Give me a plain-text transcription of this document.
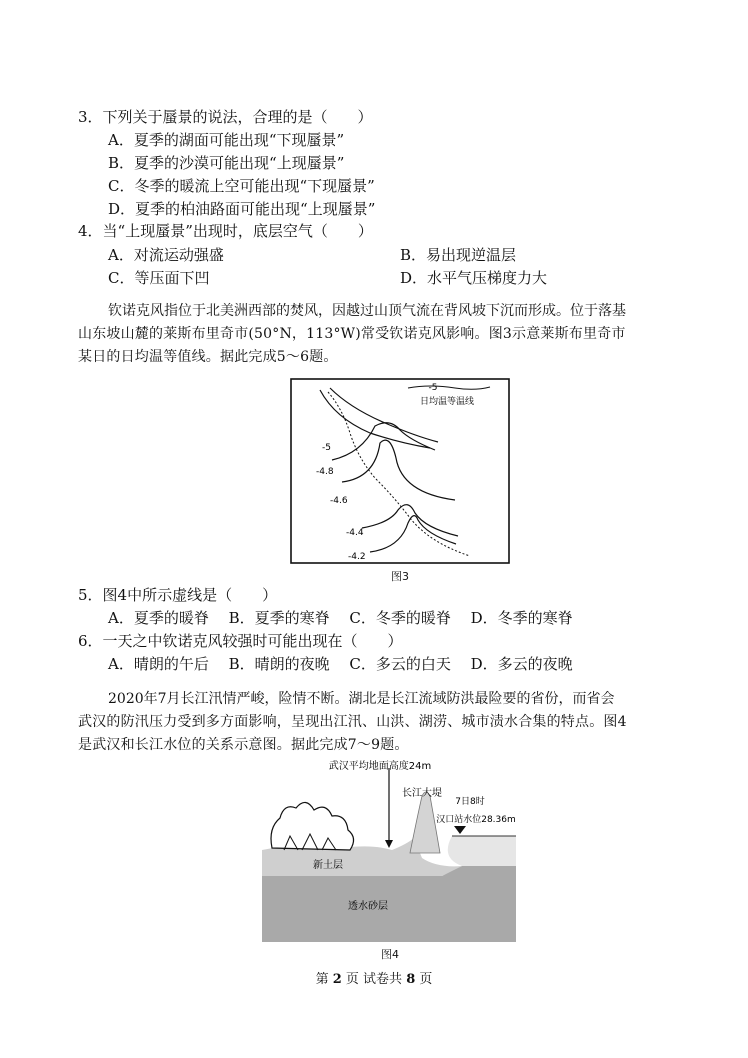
3．下列关于蜃景的说法，合理的是（　　）
A．夏季的湖面可能出现“下现蜃景”
B．夏季的沙漠可能出现“上现蜃景”
C．冬季的暖流上空可能出现“下现蜃景”
D．夏季的柏油路面可能出现“上现蜃景”
4．当“上现蜃景”出现时，底层空气（　　）
A．对流运动强盛	B．易出现逆温层
C．等压面下凹	D．水平气压梯度力大
钦诺克风指位于北美洲西部的焚风，因越过山顶气流在背风坡下沉而形成。位于落基
山东坡山麓的莱斯布里奇市(50°N，113°W)常受钦诺克风影响。图3示意莱斯布里奇市
某日的日均温等值线。据此完成5～6题。
-5
日均温等温线
-5
-4.8
-4.6
-4.4
-4.2
图3
5．图4中所示虚线是（　　）
A．夏季的暖脊　 B．夏季的寒脊　 C．冬季的暖脊　 D．冬季的寒脊
6．一天之中钦诺克风较强时可能出现在（　　）
A．晴朗的午后　 B．晴朗的夜晚　 C．多云的白天　 D．多云的夜晚
2020年7月长江汛情严峻，险情不断。湖北是长江流域防洪最险要的省份，而省会
武汉的防汛压力受到多方面影响，呈现出江汛、山洪、湖涝、城市渍水合集的特点。图4
是武汉和长江水位的关系示意图。据此完成7～9题。
武汉平均地面高度24m
长江大堤
7日8时
汉口站水位28.36m
新土层
透水砂层
图4
第 2 页 试卷共 8 页
